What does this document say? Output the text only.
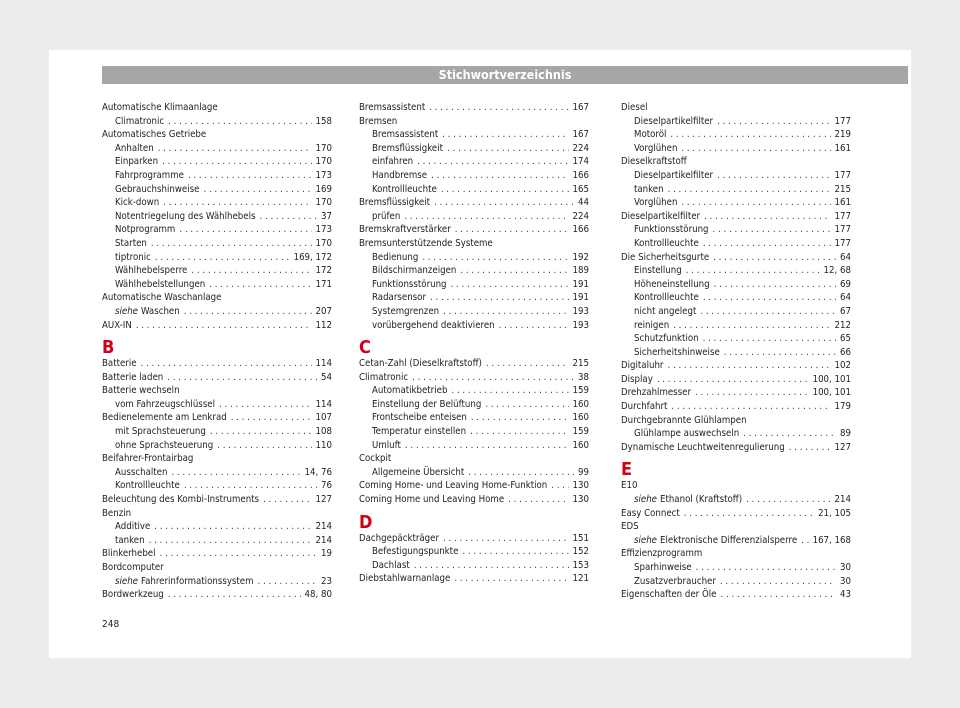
Stichwortverzeichnis
Automatische Klimaanlage
Climatronic . . .	158
Automatisches Getriebe
Anhalten . . .	170
Einparken . . .	170
Fahrprogramme . . .	173
Gebrauchshinweise . . .	169
Kick-down . . .	170
Notentriegelung des Wählhebels . . .	37
Notprogramm . . .	173
Starten . . .	170
tiptronic . . .	169, 172
Wählhebelsperre . . .	172
Wählhebelstellungen . . .	171
Automatische Waschanlage
siehe Waschen . . .	207
AUX-IN . . .	112
B
Batterie . . .	114
Batterie laden . . .	54
Batterie wechseln
vom Fahrzeugschlüssel . . .	114
Bedienelemente am Lenkrad . . .	107
mit Sprachsteuerung . . .	108
ohne Sprachsteuerung . . .	110
Beifahrer-Frontairbag
Ausschalten . . .	14, 76
Kontrollleuchte . . .	76
Beleuchtung des Kombi-Instruments . . .	127
Benzin
Additive . . .	214
tanken . . .	214
Blinkerhebel . . .	19
Bordcomputer
siehe Fahrerinformationssystem . . .	23
Bordwerkzeug . . .	48, 80
Bremsassistent . . .	167
Bremsen
Bremsassistent . . .	167
Bremsflüssigkeit . . .	224
einfahren . . .	174
Handbremse . . .	166
Kontrollleuchte . . .	165
Bremsflüssigkeit . . .	44
prüfen . . .	224
Bremskraftverstärker . . .	166
Bremsunterstützende Systeme
Bedienung . . .	192
Bildschirmanzeigen . . .	189
Funktionsstörung . . .	191
Radarsensor . . .	191
Systemgrenzen . . .	193
vorübergehend deaktivieren . . .	193
C
Cetan-Zahl (Dieselkraftstoff) . . .	215
Climatronic . . .	38
Automatikbetrieb . . .	159
Einstellung der Belüftung . . .	160
Frontscheibe enteisen . . .	160
Temperatur einstellen . . .	159
Umluft . . .	160
Cockpit
Allgemeine Übersicht . . .	99
Coming Home- und Leaving Home-Funktion . . .	130
Coming Home und Leaving Home . . .	130
D
Dachgepäckträger . . .	151
Befestigungspunkte . . .	152
Dachlast . . .	153
Diebstahlwarnanlage . . .	121
Diesel
Dieselpartikelfilter . . .	177
Motoröl . . .	219
Vorglühen . . .	161
Dieselkraftstoff
Dieselpartikelfilter . . .	177
tanken . . .	215
Vorglühen . . .	161
Dieselpartikelfilter . . .	177
Funktionsstörung . . .	177
Kontrollleuchte . . .	177
Die Sicherheitsgurte . . .	64
Einstellung . . .	12, 68
Höheneinstellung . . .	69
Kontrollleuchte . . .	64
nicht angelegt . . .	67
reinigen . . .	212
Schutzfunktion . . .	65
Sicherheitshinweise . . .	66
Digitaluhr . . .	102
Display . . .	100, 101
Drehzahlmesser . . .	100, 101
Durchfahrt . . .	179
Durchgebrannte Glühlampen
Glühlampe auswechseln . . .	89
Dynamische Leuchtweitenregulierung . . .	127
E
E10
siehe Ethanol (Kraftstoff) . . .	214
Easy Connect . . .	21, 105
EDS
siehe Elektronische Differenzialsperre . . . 167, 168
Effizienzprogramm
Sparhinweise . . .	30
Zusatzverbraucher . . .	30
Eigenschaften der Öle . . .	43
248
